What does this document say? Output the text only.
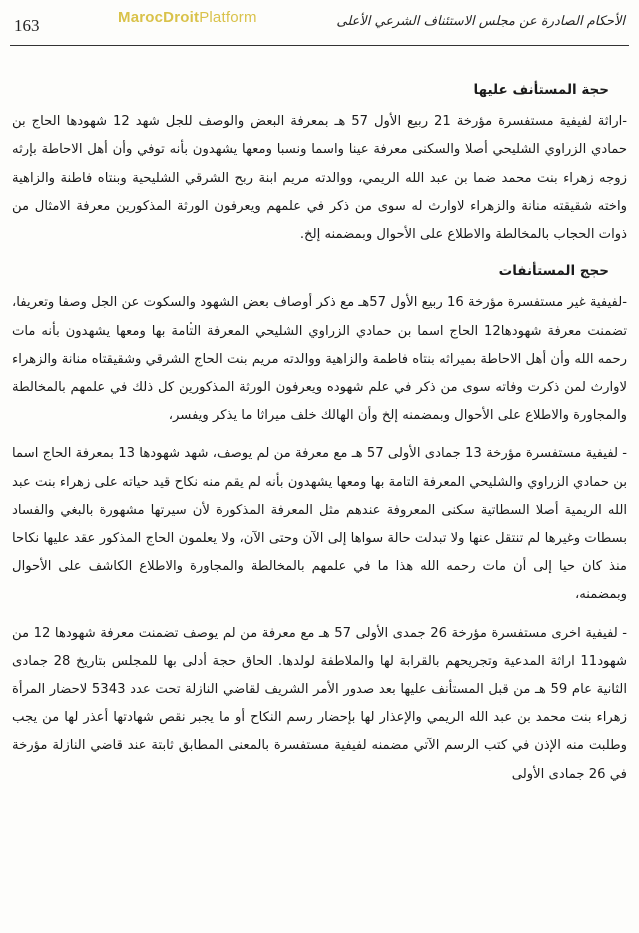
163	MarocDroitPlatform	الأحكام الصادرة عن مجلس الاستئناف الشرعي الأعلى

حجة المستأنف عليها

-اراثة لفيفية مستفسرة مؤرخة 21 ربيع الأول 57 هـ بمعرفة البعض والوصف للجل شهد 12 شهودها الحاج بن حمادي الزراوي الشليحي أصلا والسكنى معرفة عينا واسما ونسبا ومعها يشهدون بأنه توفي وأن أهل الاحاطة بإرثه زوجه زهراء بنت محمد ضما بن عبد الله الريمي، ووالدته مريم ابنة ربح الشرقي الشليحية وبنتاه فاطنة والزاهية واخته شقيقته منانة والزهراء لاوارث له سوى من ذكر في علمهم ويعرفون الورثة المذكورين معرفة الامثال من ذوات الحجاب بالمخالطة والاطلاع على الأحوال وبمضمنه إلخ.

حجج المستأنفات

-لفيفية غير مستفسرة مؤرخة 16 ربيع الأول 57هـ مع ذكر أوصاف بعض الشهود والسكوت عن الجل وصفا وتعريفا، تضمنت معرفة شهودها12 الحاج اسما بن حمادي الزراوي الشليحي المعرفة التامة بها ومعها يشهدون بأنه مات رحمه الله وأن أهل الاحاطة بميراثه بنتاه فاطمة والزاهية ووالدته مريم بنت الحاج الشرقي وشقيقتاه منانة والزهراء لاوارث لمن ذكرت وفاته سوى من ذكر في علم شهوده ويعرفون الورثة المذكورين كل ذلك في علمهم بالمخالطة والمجاورة والاطلاع على الأحوال وبمضمنه إلخ وأن الهالك خلف ميراثا ما يذكر ويفسر،

- لفيفية مستفسرة مؤرخة 13 جمادى الأولى 57 هـ مع معرفة من لم يوصف، شهد شهودها 13 بمعرفة الحاج اسما بن حمادي الزراوي والشليحي المعرفة التامة بها ومعها يشهدون بأنه لم يقم منه نكاح قيد حياته على زهراء بنت عبد الله الريمية أصلا السطاتية سكنى المعروفة عندهم مثل المعرفة المذكورة لأن سيرتها مشهورة بالبغي والفساد بسطات وغيرها لم تنتقل عنها ولا تبدلت حالة سواها إلى الآن وحتى الآن، ولا يعلمون الحاج المذكور عقد عليها نكاحا منذ كان حيا إلى أن مات رحمه الله هذا ما في علمهم بالمخالطة والمجاورة والاطلاع الكاشف على الأحوال وبمضمنه،

- لفيفية اخرى مستفسرة مؤرخة 26 جمدى الأولى 57 هـ مع معرفة من لم يوصف تضمنت معرفة شهودها 12 من شهود11 اراثة المدعية وتجريحهم بالقرابة لها والملاطفة لولدها. الحاق حجة أدلى بها للمجلس بتاريخ 28 جمادى الثانية عام 59 هـ من قبل المستأنف عليها بعد صدور الأمر الشريف لقاضي النازلة تحت عدد 5343 لاحضار المرأة زهراء بنت محمد بن عبد الله الريمي والإعذار لها بإحضار رسم النكاح أو ما يجبر نقص شهادتها أعذر لها من يجب وطلبت منه الإذن في كتب الرسم الآتي مضمنه لفيفية مستفسرة بالمعنى المطابق ثابتة عند قاضي النازلة مؤرخة في 26 جمادى الأولى
